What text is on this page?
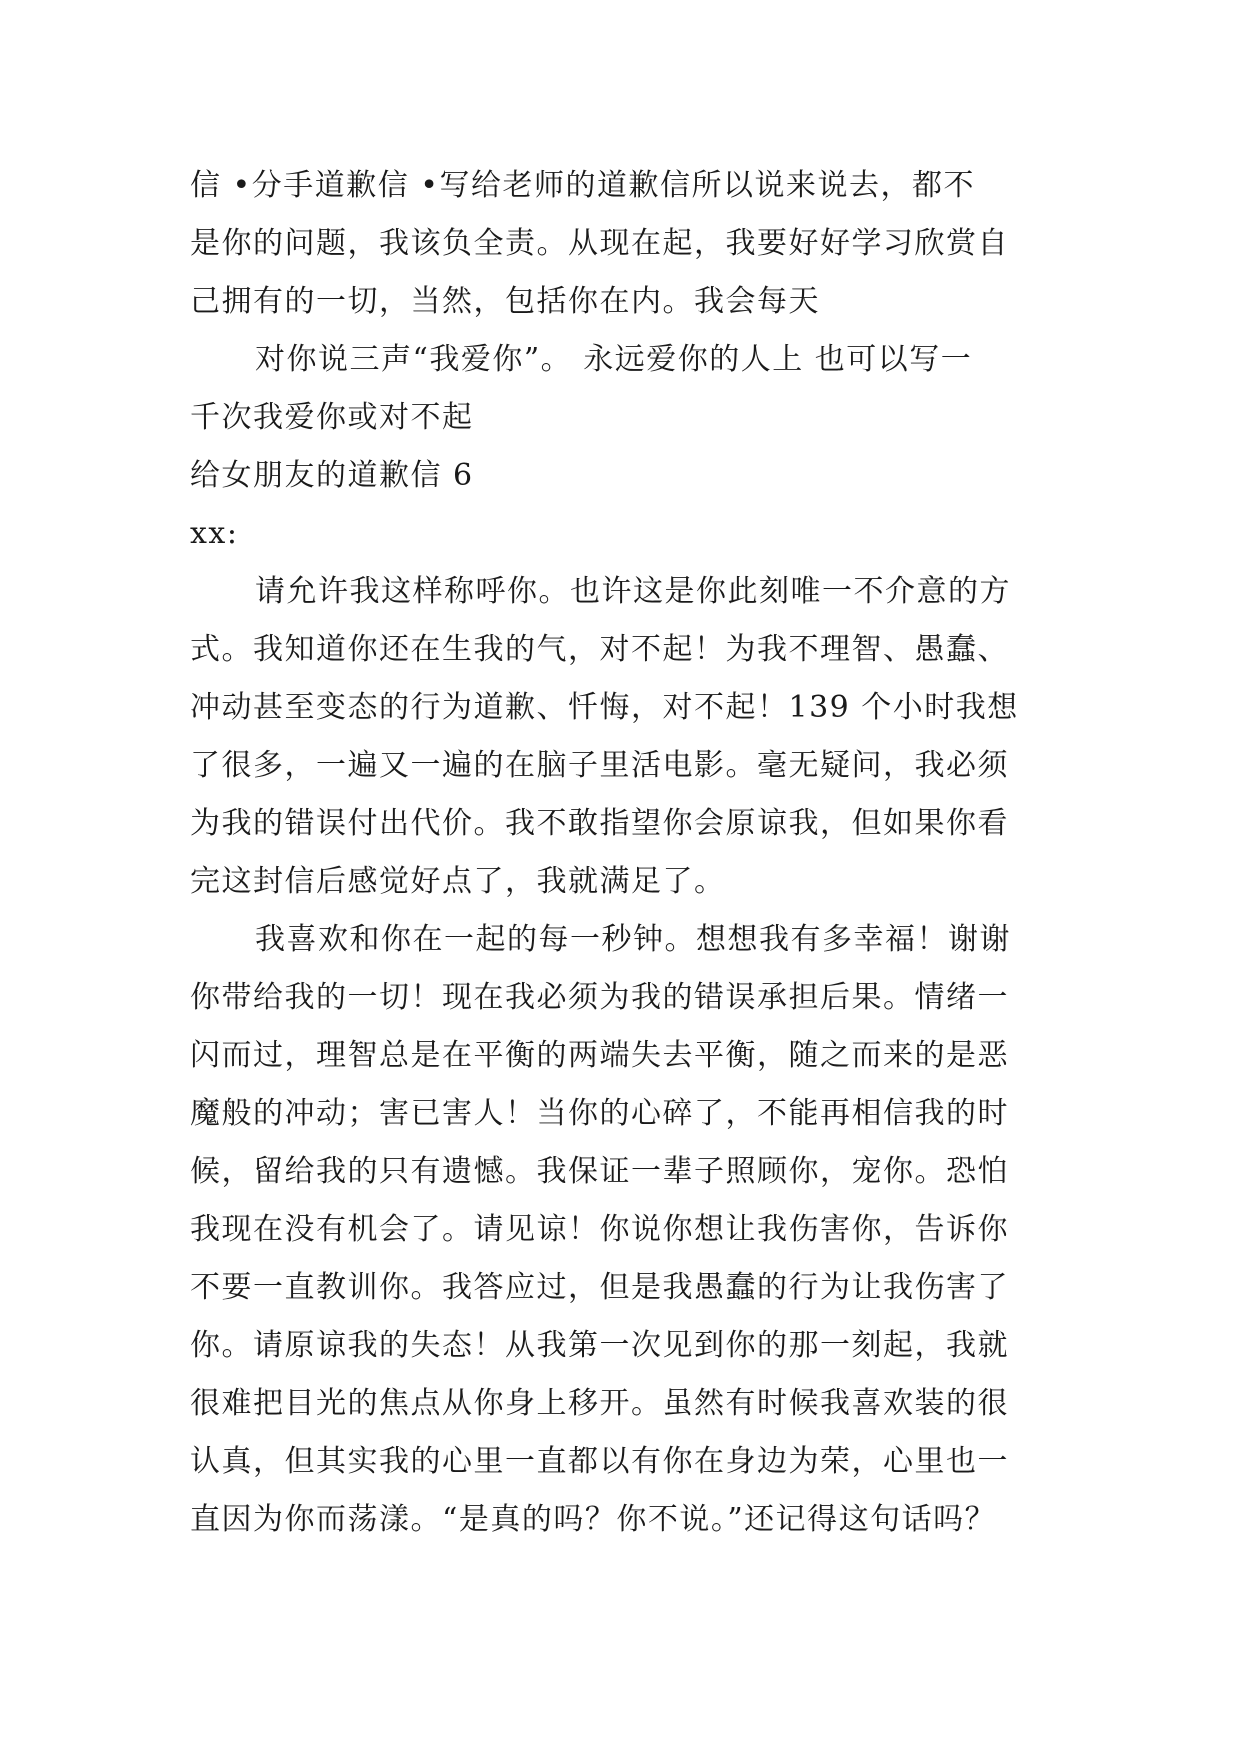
信 •分手道歉信 •写给老师的道歉信所以说来说去，都不
是你的问题，我该负全责。从现在起，我要好好学习欣赏自
己拥有的一切，当然，包括你在内。我会每天
对你说三声“我爱你”。 永远爱你的人上 也可以写一
千次我爱你或对不起
给女朋友的道歉信 6
xx:
请允许我这样称呼你。也许这是你此刻唯一不介意的方
式。我知道你还在生我的气，对不起！为我不理智、愚蠢、
冲动甚至变态的行为道歉、忏悔，对不起！139 个小时我想
了很多，一遍又一遍的在脑子里活电影。毫无疑问，我必须
为我的错误付出代价。我不敢指望你会原谅我，但如果你看
完这封信后感觉好点了，我就满足了。
我喜欢和你在一起的每一秒钟。想想我有多幸福！谢谢
你带给我的一切！现在我必须为我的错误承担后果。情绪一
闪而过，理智总是在平衡的两端失去平衡，随之而来的是恶
魔般的冲动；害已害人！当你的心碎了，不能再相信我的时
候，留给我的只有遗憾。我保证一辈子照顾你，宠你。恐怕
我现在没有机会了。请见谅！你说你想让我伤害你，告诉你
不要一直教训你。我答应过，但是我愚蠢的行为让我伤害了
你。请原谅我的失态！从我第一次见到你的那一刻起，我就
很难把目光的焦点从你身上移开。虽然有时候我喜欢装的很
认真，但其实我的心里一直都以有你在身边为荣，心里也一
直因为你而荡漾。“是真的吗？你不说。”还记得这句话吗？
